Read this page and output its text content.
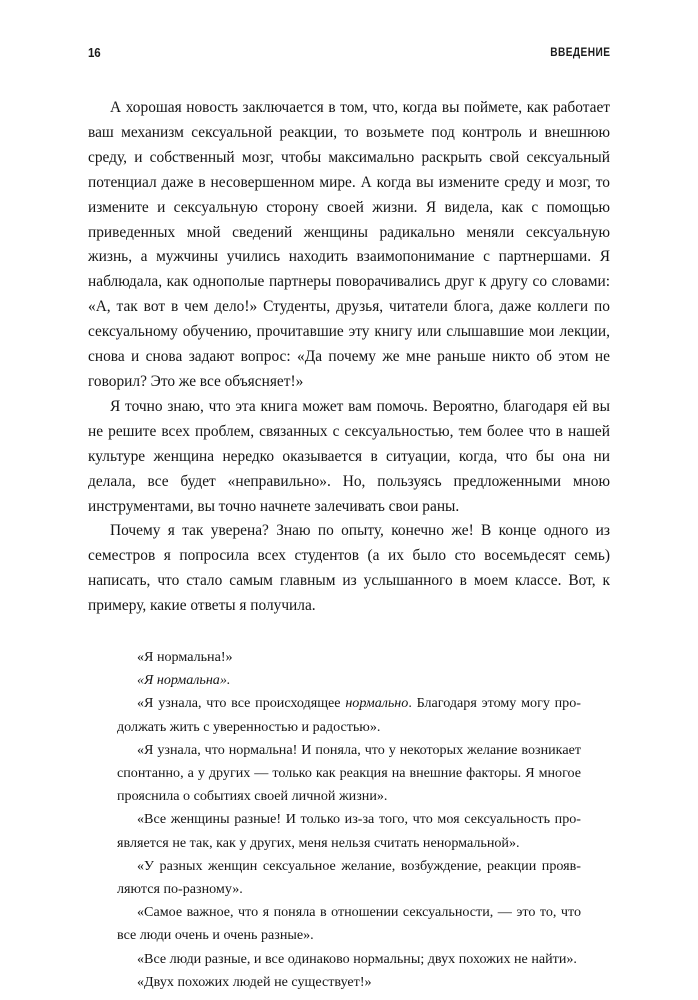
16	ВВЕДЕНИЕ

А хорошая новость заключается в том, что, когда вы поймете, как работает ваш механизм сексуальной реакции, то возьмете под контроль и внешнюю среду, и собственный мозг, чтобы максимально раскрыть свой сексуальный потенциал даже в несовершенном мире. А когда вы измените среду и мозг, то измените и сексуальную сторону своей жизни. Я видела, как с помощью приведенных мной сведений женщины радикально меняли сексуальную жизнь, а мужчины учились находить взаимопонимание с партнершами. Я наблюдала, как однополые партнеры поворачивались друг к другу со словами: «А, так вот в чем дело!» Студенты, друзья, читатели блога, даже коллеги по сексуальному обучению, прочитавшие эту книгу или слышавшие мои лекции, снова и снова задают вопрос: «Да почему же мне раньше никто об этом не говорил? Это же все объясняет!»

Я точно знаю, что эта книга может вам помочь. Вероятно, благодаря ей вы не решите всех проблем, связанных с сексуальностью, тем более что в нашей культуре женщина нередко оказывается в ситуации, когда, что бы она ни делала, все будет «неправильно». Но, пользуясь предложенными мною инструментами, вы точно начнете залечивать свои раны.

Почему я так уверена? Знаю по опыту, конечно же! В конце одного из семестров я попросила всех студентов (а их было сто восемьдесят семь) написать, что стало самым главным из услышанного в моем классе. Вот, к примеру, какие ответы я получила.

«Я нормальна!»

«Я нормальна».

«Я узнала, что все происходящее нормально. Благодаря этому могу продолжать жить с уверенностью и радостью».

«Я узнала, что нормальна! И поняла, что у некоторых желание возникает спонтанно, а у других — только как реакция на внешние факторы. Я многое прояснила о событиях своей личной жизни».

«Все женщины разные! И только из-за того, что моя сексуальность проявляется не так, как у других, меня нельзя считать ненормальной».

«У разных женщин сексуальное желание, возбуждение, реакции проявляются по-разному».

«Самое важное, что я поняла в отношении сексуальности, — это то, что все люди очень и очень разные».

«Все люди разные, и все одинаково нормальны; двух похожих не найти».

«Двух похожих людей не существует!»
